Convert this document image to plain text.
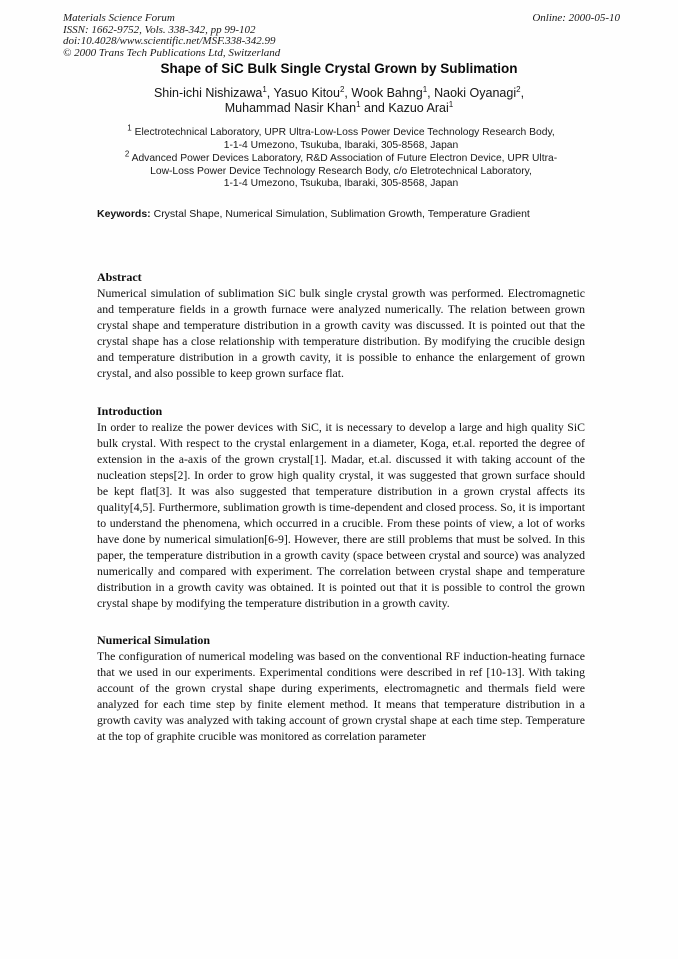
Materials Science Forum
ISSN: 1662-9752, Vols. 338-342, pp 99-102
doi:10.4028/www.scientific.net/MSF.338-342.99
© 2000 Trans Tech Publications Ltd, Switzerland
Online: 2000-05-10
Shape of SiC Bulk Single Crystal Grown by Sublimation
Shin-ichi Nishizawa$^1$, Yasuo Kitou$^2$, Wook Bahng$^1$, Naoki Oyanagi$^2$,
Muhammad Nasir Khan$^1$ and Kazuo Arai$^1$
$^1$ Electrotechnical Laboratory, UPR Ultra-Low-Loss Power Device Technology Research Body,
1-1-4 Umezono, Tsukuba, Ibaraki, 305-8568, Japan
$^2$ Advanced Power Devices Laboratory, R&D Association of Future Electron Device, UPR Ultra-
Low-Loss Power Device Technology Research Body, c/o Eletrotechnical Laboratory,
1-1-4 Umezono, Tsukuba, Ibaraki, 305-8568, Japan
Keywords: Crystal Shape, Numerical Simulation, Sublimation Growth, Temperature Gradient
Abstract

Numerical simulation of sublimation SiC bulk single crystal growth was performed. Electromagnetic and temperature fields in a growth furnace were analyzed numerically. The relation between grown crystal shape and temperature distribution in a growth cavity was discussed. It is pointed out that the crystal shape has a close relationship with temperature distribution. By modifying the crucible design and temperature distribution in a growth cavity, it is possible to enhance the enlargement of grown crystal, and also possible to keep grown surface flat.

Introduction

In order to realize the power devices with SiC, it is necessary to develop a large and high quality SiC bulk crystal. With respect to the crystal enlargement in a diameter, Koga, et.al. reported the degree of extension in the a-axis of the grown crystal[1]. Madar, et.al. discussed it with taking account of the nucleation steps[2]. In order to grow high quality crystal, it was suggested that grown surface should be kept flat[3]. It was also suggested that temperature distribution in a grown crystal affects its quality[4,5]. Furthermore, sublimation growth is time-dependent and closed process. So, it is important to understand the phenomena, which occurred in a crucible. From these points of view, a lot of works have done by numerical simulation[6-9]. However, there are still problems that must be solved. In this paper, the temperature distribution in a growth cavity (space between crystal and source) was analyzed numerically and compared with experiment. The correlation between crystal shape and temperature distribution in a growth cavity was obtained. It is pointed out that it is possible to control the grown crystal shape by modifying the temperature distribution in a growth cavity.

Numerical Simulation

The configuration of numerical modeling was based on the conventional RF induction-heating furnace that we used in our experiments. Experimental conditions were described in ref [10-13]. With taking account of the grown crystal shape during experiments, electromagnetic and thermals field were analyzed for each time step by finite element method. It means that temperature distribution in a growth cavity was analyzed with taking account of grown crystal shape at each time step. Temperature at the top of graphite crucible was monitored as correlation parameter
